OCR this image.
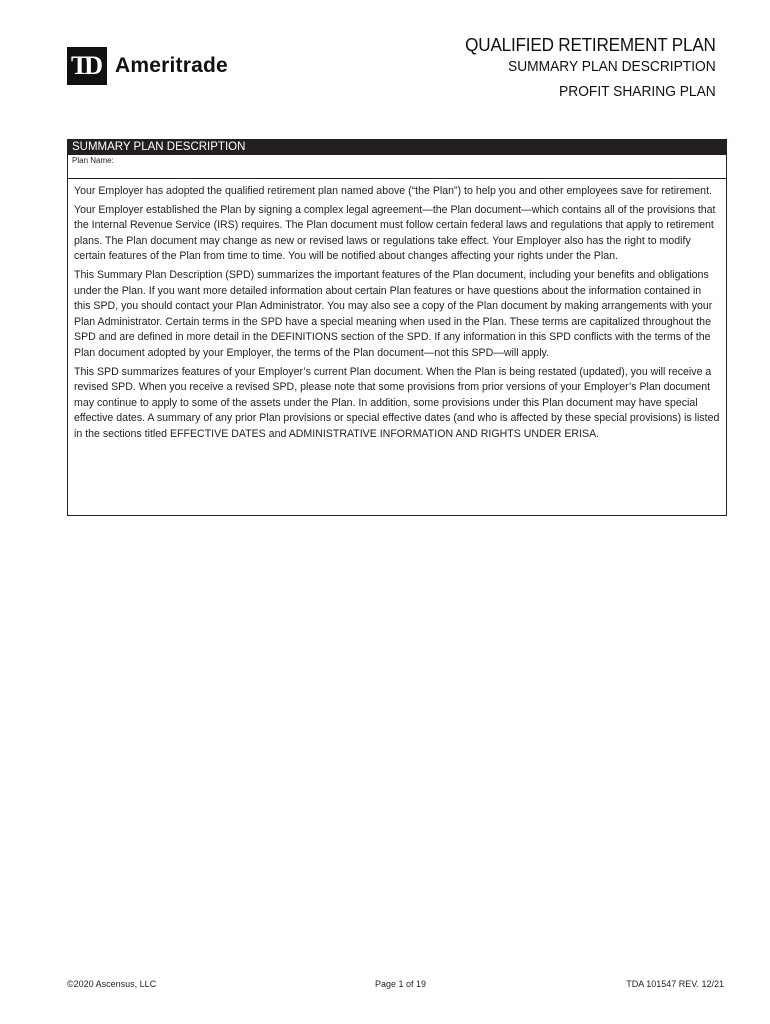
TD Ameritrade
QUALIFIED RETIREMENT PLAN
SUMMARY PLAN DESCRIPTION
PROFIT SHARING PLAN
SUMMARY PLAN DESCRIPTION
Plan Name:

Your Employer has adopted the qualified retirement plan named above (“the Plan”) to help you and other employees save for retirement.

Your Employer established the Plan by signing a complex legal agreement—the Plan document—which contains all of the provisions that the Internal Revenue Service (IRS) requires. The Plan document must follow certain federal laws and regulations that apply to retirement plans. The Plan document may change as new or revised laws or regulations take effect. Your Employer also has the right to modify certain features of the Plan from time to time. You will be notified about changes affecting your rights under the Plan.

This Summary Plan Description (SPD) summarizes the important features of the Plan document, including your benefits and obligations under the Plan. If you want more detailed information about certain Plan features or have questions about the information contained in this SPD, you should contact your Plan Administrator. You may also see a copy of the Plan document by making arrangements with your Plan Administrator. Certain terms in the SPD have a special meaning when used in the Plan. These terms are capitalized throughout the SPD and are defined in more detail in the DEFINITIONS section of the SPD. If any information in this SPD conflicts with the terms of the Plan document adopted by your Employer, the terms of the Plan document—not this SPD—will apply.

This SPD summarizes features of your Employer’s current Plan document. When the Plan is being restated (updated), you will receive a revised SPD. When you receive a revised SPD, please note that some provisions from prior versions of your Employer’s Plan document may continue to apply to some of the assets under the Plan. In addition, some provisions under this Plan document may have special effective dates. A summary of any prior Plan provisions or special effective dates (and who is affected by these special provisions) is listed in the sections titled EFFECTIVE DATES and ADMINISTRATIVE INFORMATION AND RIGHTS UNDER ERISA.

©2020 Ascensus, LLC	Page 1 of 19	TDA 101547 REV. 12/21
